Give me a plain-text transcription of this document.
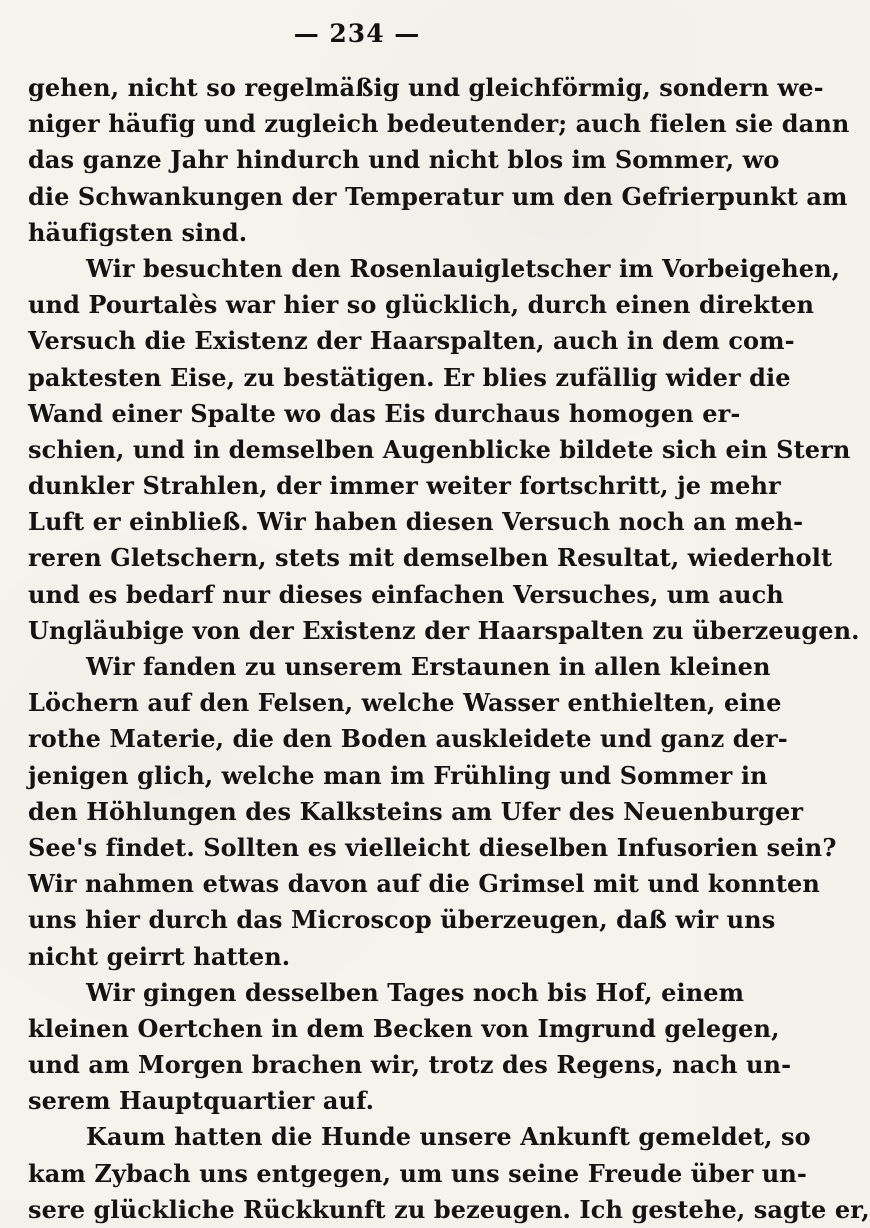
— 234 —
gehen, nicht so regelmäßig und gleichförmig, sondern we-
niger häufig und zugleich bedeutender; auch fielen sie dann
das ganze Jahr hindurch und nicht blos im Sommer, wo
die Schwankungen der Temperatur um den Gefrierpunkt am
häufigsten sind.
Wir besuchten den Rosenlauigletscher im Vorbeigehen,
und Pourtalès war hier so glücklich, durch einen direkten
Versuch die Existenz der Haarspalten, auch in dem com-
paktesten Eise, zu bestätigen. Er blies zufällig wider die
Wand einer Spalte wo das Eis durchaus homogen er-
schien, und in demselben Augenblicke bildete sich ein Stern
dunkler Strahlen, der immer weiter fortschritt, je mehr
Luft er einbließ. Wir haben diesen Versuch noch an meh-
reren Gletschern, stets mit demselben Resultat, wiederholt
und es bedarf nur dieses einfachen Versuches, um auch
Ungläubige von der Existenz der Haarspalten zu überzeugen.
Wir fanden zu unserem Erstaunen in allen kleinen
Löchern auf den Felsen, welche Wasser enthielten, eine
rothe Materie, die den Boden auskleidete und ganz der-
jenigen glich, welche man im Frühling und Sommer in
den Höhlungen des Kalksteins am Ufer des Neuenburger
See's findet. Sollten es vielleicht dieselben Infusorien sein?
Wir nahmen etwas davon auf die Grimsel mit und konnten
uns hier durch das Microscop überzeugen, daß wir uns
nicht geirrt hatten.
Wir gingen desselben Tages noch bis Hof, einem
kleinen Oertchen in dem Becken von Imgrund gelegen,
und am Morgen brachen wir, trotz des Regens, nach un-
serem Hauptquartier auf.
Kaum hatten die Hunde unsere Ankunft gemeldet, so
kam Zybach uns entgegen, um uns seine Freude über un-
sere glückliche Rückkunft zu bezeugen. Ich gestehe, sagte er,
